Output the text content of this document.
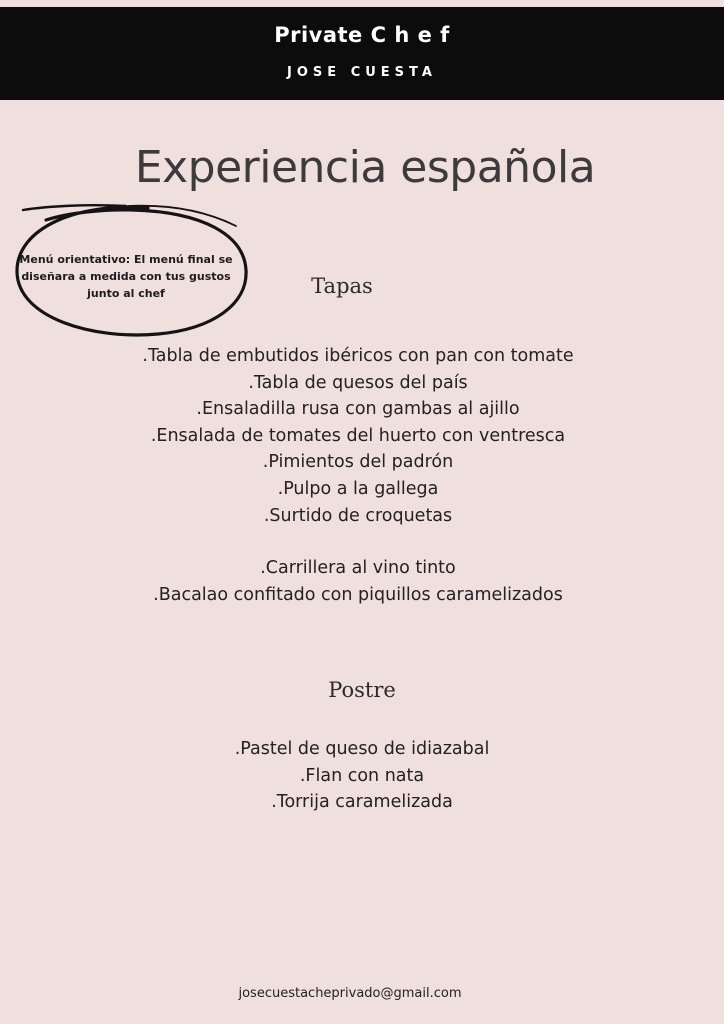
Private C h e f
JOSE CUESTA
Experiencia española
Menú orientativo: El menú final se
diseñara a medida con tus gustos
junto al chef	Tapas
.Tabla de embutidos ibéricos con pan con tomate
.Tabla de quesos del país
.Ensaladilla rusa con gambas al ajillo
.Ensalada de tomates del huerto con ventresca
.Pimientos del padrón
.Pulpo a la gallega
.Surtido de croquetas
.Carrillera al vino tinto
.Bacalao confitado con piquillos caramelizados
Postre
.Pastel de queso de idiazabal
.Flan con nata
.Torrija caramelizada
josecuestacheprivado@gmail.com
